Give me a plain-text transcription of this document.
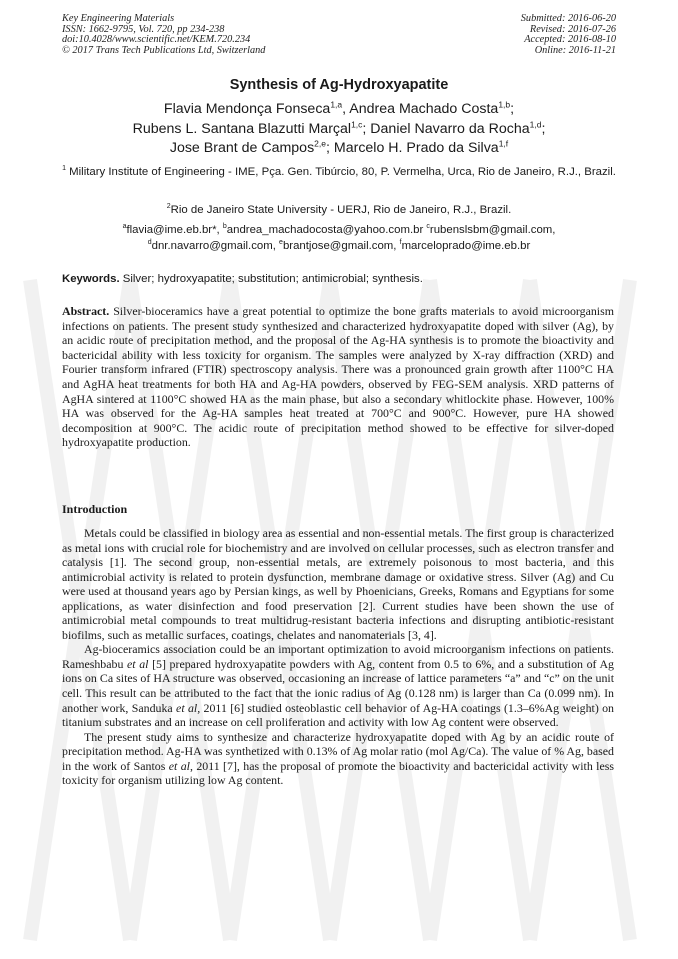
Key Engineering Materials
ISSN: 1662-9795, Vol. 720, pp 234-238
doi:10.4028/www.scientific.net/KEM.720.234
© 2017 Trans Tech Publications Ltd, Switzerland
Submitted: 2016-06-20
Revised: 2016-07-26
Accepted: 2016-08-10
Online: 2016-11-21
Synthesis of Ag-Hydroxyapatite
Flavia Mendonça Fonseca$^{1,a}$, Andrea Machado Costa$^{1,b}$;
Rubens L. Santana Blazutti Marçal$^{1,c}$; Daniel Navarro da Rocha$^{1,d}$;
Jose Brant de Campos$^{2,e}$; Marcelo H. Prado da Silva$^{1,f}$
$^1$ Military Institute of Engineering - IME, Pça. Gen. Tibúrcio, 80, P. Vermelha, Urca, Rio de Janeiro, R.J., Brazil.
$^2$Rio de Janeiro State University - UERJ, Rio de Janeiro, R.J., Brazil.
$^a$flavia@ime.eb.br*, $^b$andrea_machadocosta@yahoo.com.br $^c$rubenslsbm@gmail.com,
$^d$dnr.navarro@gmail.com, $^e$brantjose@gmail.com, $^f$marceloprado@ime.eb.br
Keywords. Silver; hydroxyapatite; substitution; antimicrobial; synthesis.
Abstract. Silver-bioceramics have a great potential to optimize the bone grafts materials to avoid microorganism infections on patients. The present study synthesized and characterized hydroxyapatite doped with silver (Ag), by an acidic route of precipitation method, and the proposal of the Ag-HA synthesis is to promote the bioactivity and bactericidal ability with less toxicity for organism. The samples were analyzed by X-ray diffraction (XRD) and Fourier transform infrared (FTIR) spectroscopy analysis. There was a pronounced grain growth after 1100°C HA and AgHA heat treatments for both HA and Ag-HA powders, observed by FEG-SEM analysis. XRD patterns of AgHA sintered at 1100°C showed HA as the main phase, but also a secondary whitlockite phase. However, 100% HA was observed for the Ag-HA samples heat treated at 700°C and 900°C. However, pure HA showed decomposition at 900°C. The acidic route of precipitation method showed to be effective for silver-doped hydroxyapatite production.
Introduction

Metals could be classified in biology area as essential and non-essential metals. The first group is characterized as metal ions with crucial role for biochemistry and are involved on cellular processes, such as electron transfer and catalysis [1]. The second group, non-essential metals, are extremely poisonous to most bacteria, and this antimicrobial activity is related to protein dysfunction, membrane damage or oxidative stress. Silver (Ag) and Cu were used at thousand years ago by Persian kings, as well by Phoenicians, Greeks, Romans and Egyptians for some applications, as water disinfection and food preservation [2]. Current studies have been shown the use of antimicrobial metal compounds to treat multidrug-resistant bacteria infections and disrupting antibiotic-resistant biofilms, such as metallic surfaces, coatings, chelates and nanomaterials [3, 4].

Ag-bioceramics association could be an important optimization to avoid microorganism infections on patients. Rameshbabu et al [5] prepared hydroxyapatite powders with Ag, content from 0.5 to 6%, and a substitution of Ag ions on Ca sites of HA structure was observed, occasioning an increase of lattice parameters “a” and “c” on the unit cell. This result can be attributed to the fact that the ionic radius of Ag (0.128 nm) is larger than Ca (0.099 nm). In another work, Sanduka et al, 2011 [6] studied osteoblastic cell behavior of Ag-HA coatings (1.3–6%Ag weight) on titanium substrates and an increase on cell proliferation and activity with low Ag content were observed.

The present study aims to synthesize and characterize hydroxyapatite doped with Ag by an acidic route of precipitation method. Ag-HA was synthetized with 0.13% of Ag molar ratio (mol Ag/Ca). The value of % Ag, based in the work of Santos et al, 2011 [7], has the proposal of promote the bioactivity and bactericidal activity with less toxicity for organism utilizing low Ag content.
